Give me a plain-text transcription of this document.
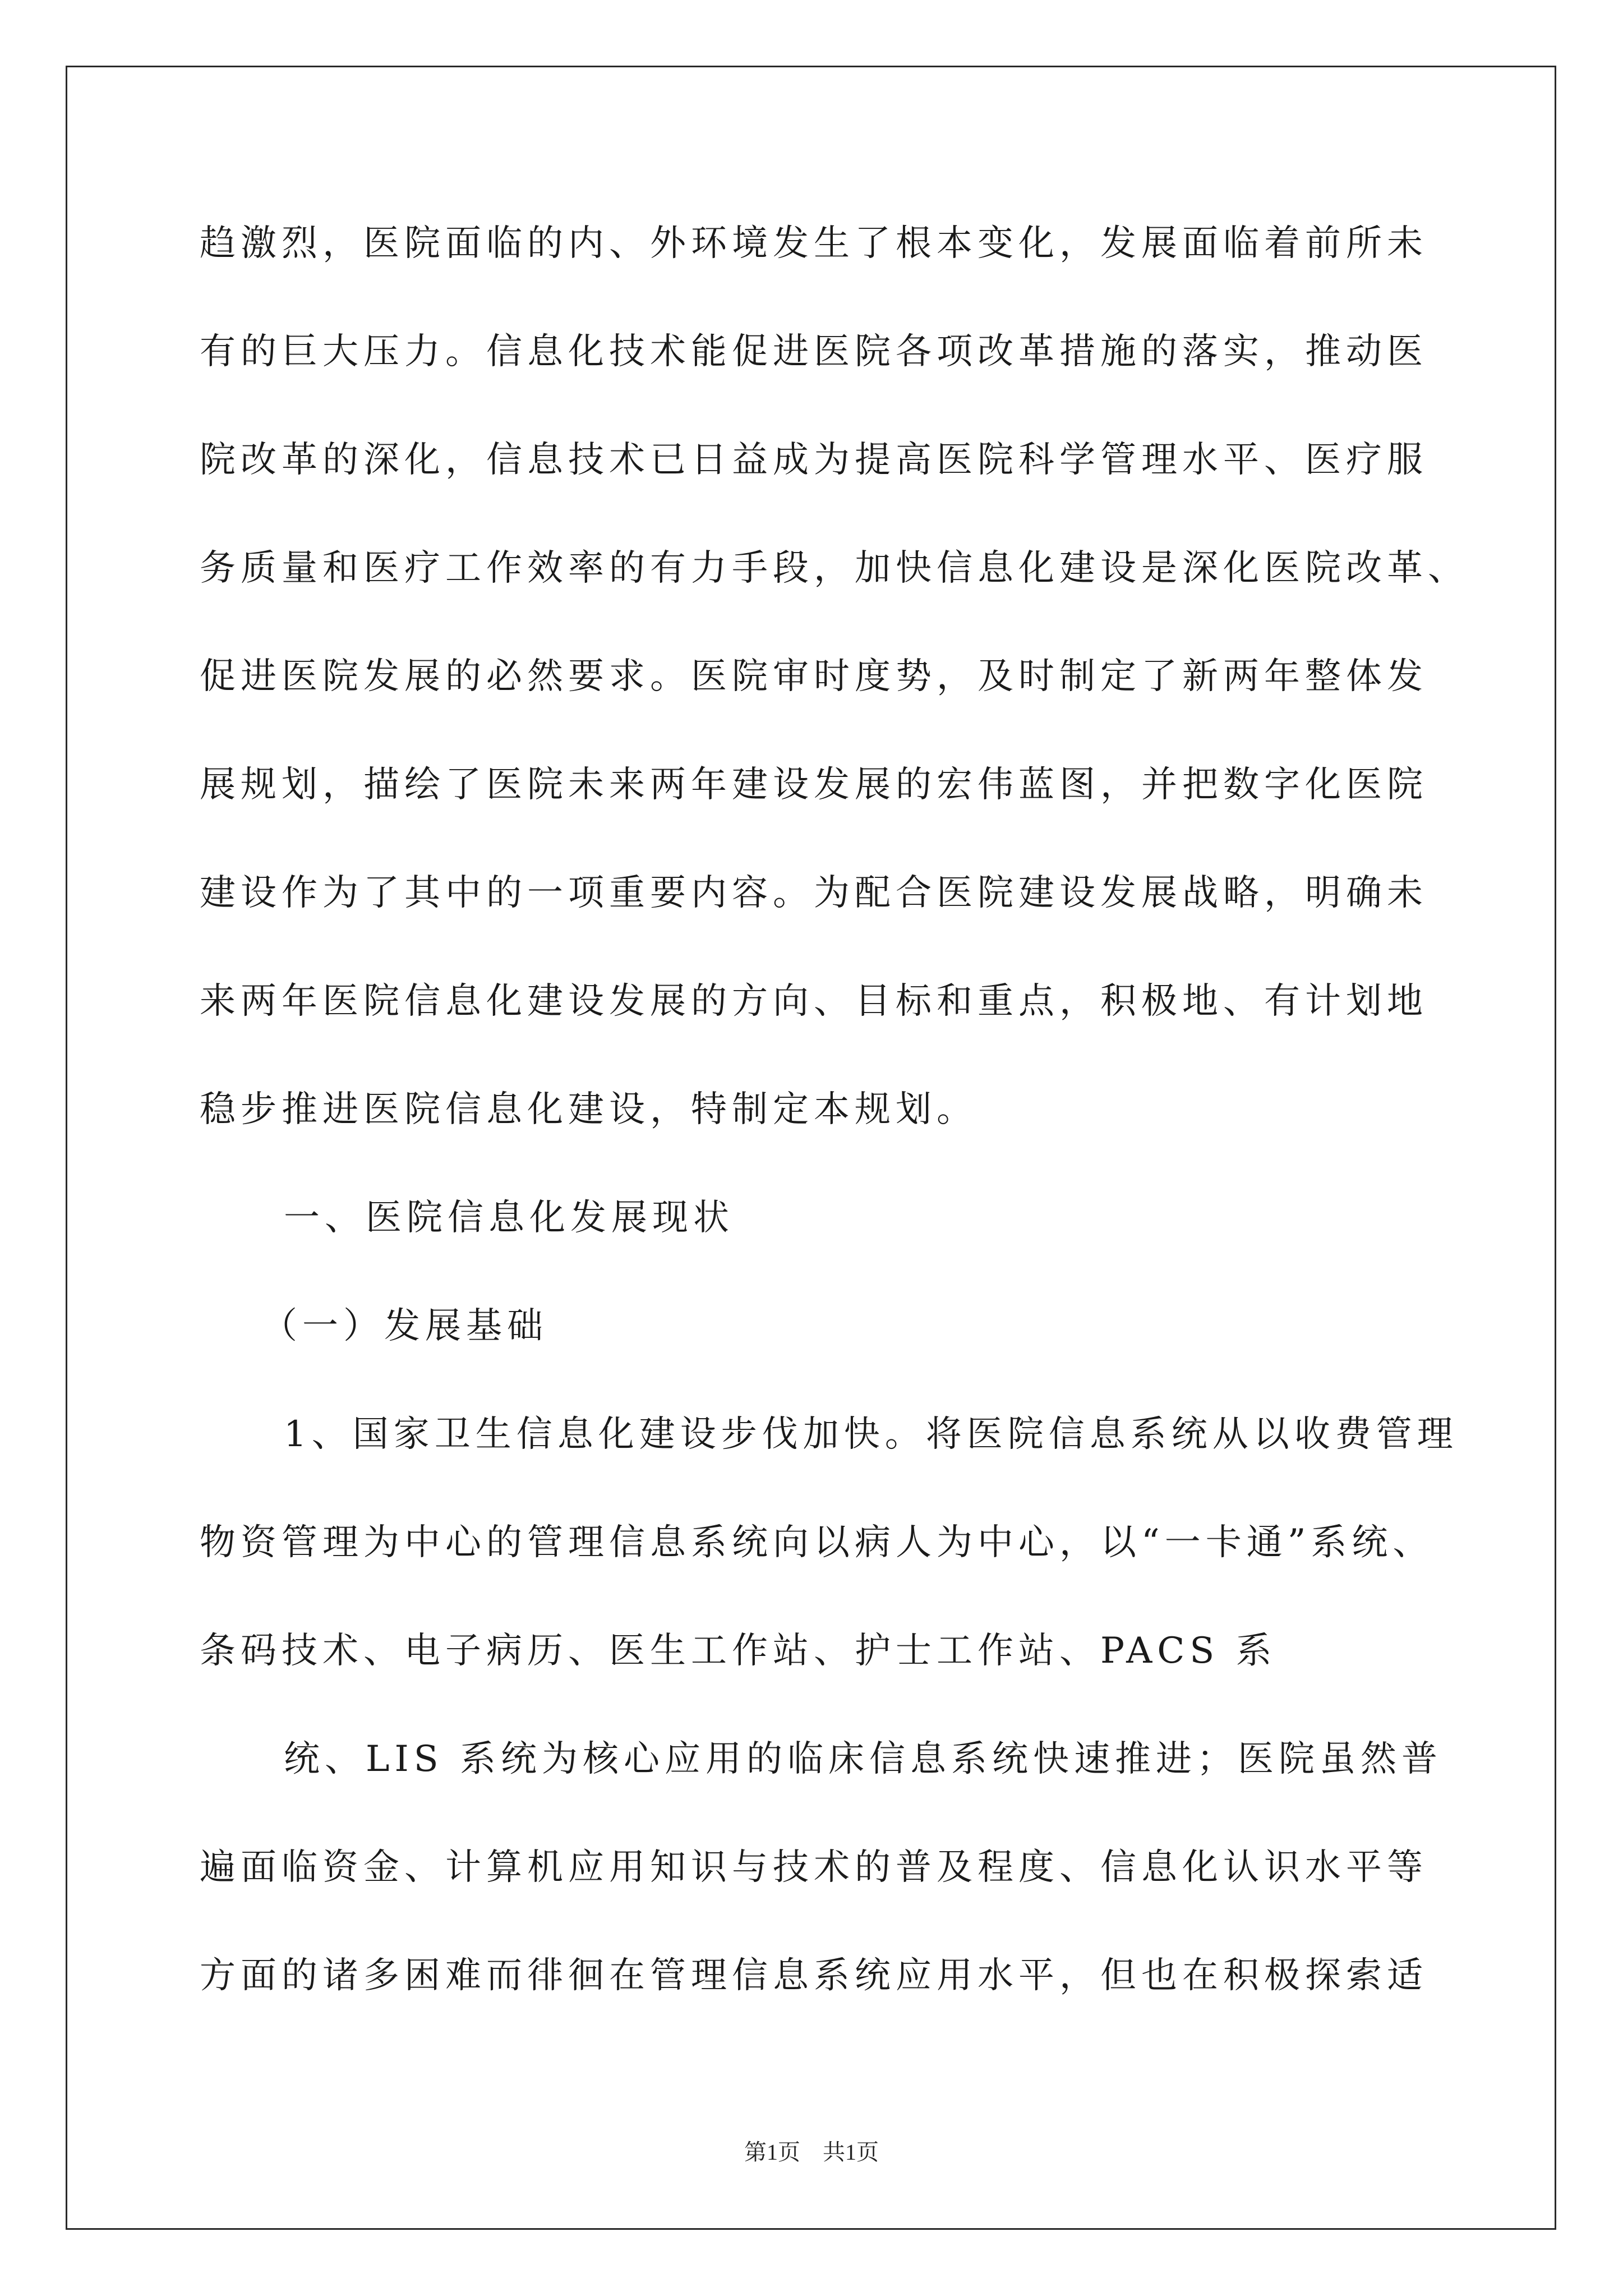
趋激烈，医院面临的内、外环境发生了根本变化，发展面临着前所未
有的巨大压力。信息化技术能促进医院各项改革措施的落实，推动医
院改革的深化，信息技术已日益成为提高医院科学管理水平、医疗服
务质量和医疗工作效率的有力手段，加快信息化建设是深化医院改革、
促进医院发展的必然要求。医院审时度势，及时制定了新两年整体发
展规划，描绘了医院未来两年建设发展的宏伟蓝图，并把数字化医院
建设作为了其中的一项重要内容。为配合医院建设发展战略，明确未
来两年医院信息化建设发展的方向、目标和重点，积极地、有计划地
稳步推进医院信息化建设，特制定本规划。
一、医院信息化发展现状
（一）发展基础
1、国家卫生信息化建设步伐加快。将医院信息系统从以收费管理
物资管理为中心的管理信息系统向以病人为中心，以“一卡通”系统、
条码技术、电子病历、医生工作站、护士工作站、PACS 系
统、LIS 系统为核心应用的临床信息系统快速推进；医院虽然普
遍面临资金、计算机应用知识与技术的普及程度、信息化认识水平等
方面的诸多困难而徘徊在管理信息系统应用水平，但也在积极探索适
第1页　共1页
